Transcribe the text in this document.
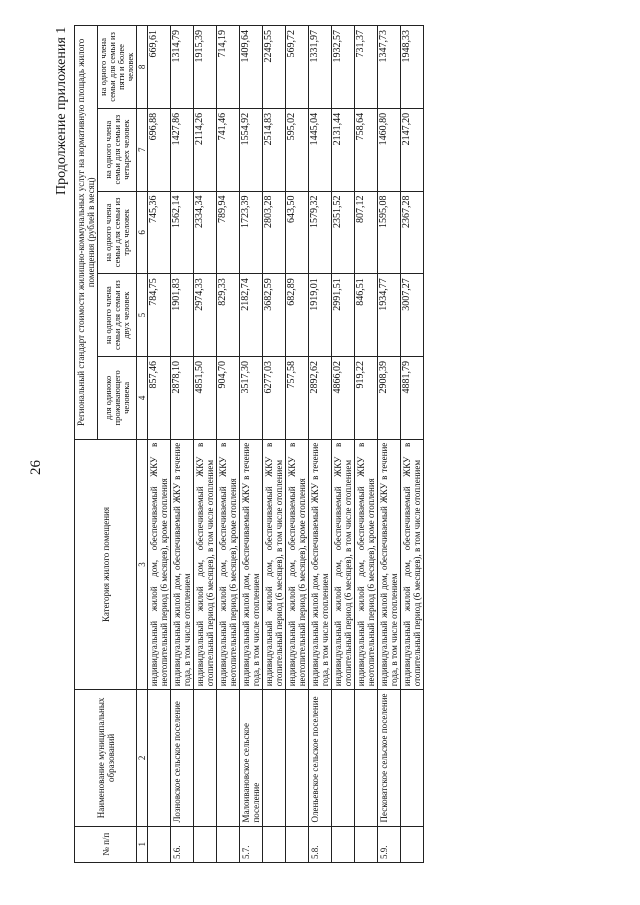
26
Продолжение приложения 1
№ п/п	Наименование муниципальных образований	Категория жилого помещения	Региональный стандарт стоимости жилищно-коммунальных услуг на нормативную площадь жилого помещения (рублей в месяц)				
			для одиноко проживающего человека	на одного члена семьи для семьи из двух человек	на одного члена семьи для семьи из трех человек	на одного члена семьи для семьи из четырех человек	на одного члена семьи для семьи из пяти и более человек
1	2	3	4	5	6	7	8
		индивидуальный жилой дом, обеспечиваемый ЖКУ в неотопительный период (6 месяцев), кроме отопления	857,46	784,75	745,36	696,88	669,61
5.6.	Лозновское сельское поселение	индивидуальный жилой дом, обеспечиваемый ЖКУ в течение года, в том числе отоплением	2878,10	1901,83	1562,14	1427,86	1314,79
		индивидуальный жилой дом, обеспечиваемый ЖКУ в отопительный период (6 месяцев), в том числе отоплением	4851,50	2974,33	2334,34	2114,26	1915,39
		индивидуальный жилой дом, обеспечиваемый ЖКУ в неотопительный период (6 месяцев), кроме отопления	904,70	829,33	789,94	741,46	714,19
5.7.	Малоивановское сельское поселение	индивидуальный жилой дом, обеспечиваемый ЖКУ в течение года, в том числе отоплением	3517,30	2182,74	1723,39	1554,92	1409,64
		индивидуальный жилой дом, обеспечиваемый ЖКУ в отопительный период (6 месяцев), в том числе отоплением	6277,03	3682,59	2803,28	2514,83	2249,55
		индивидуальный жилой дом, обеспечиваемый ЖКУ в неотопительный период (6 месяцев), кроме отопления	757,58	682,89	643,50	595,02	569,72
5.8.	Оленьевское сельское поселение	индивидуальный жилой дом, обеспечиваемый ЖКУ в течение года, в том числе отоплением	2892,62	1919,01	1579,32	1445,04	1331,97
		индивидуальный жилой дом, обеспечиваемый ЖКУ в отопительный период (6 месяцев), в том числе отоплением	4866,02	2991,51	2351,52	2131,44	1932,57
		индивидуальный жилой дом, обеспечиваемый ЖКУ в неотопительный период (6 месяцев), кроме отопления	919,22	846,51	807,12	758,64	731,37
5.9.	Песковатское сельское поселение	индивидуальный жилой дом, обеспечиваемый ЖКУ в течение года, в том числе отоплением	2908,39	1934,77	1595,08	1460,80	1347,73
		индивидуальный жилой дом, обеспечиваемый ЖКУ в отопительный период (6 месяцев), в том числе отоплением	4881,79	3007,27	2367,28	2147,20	1948,33
